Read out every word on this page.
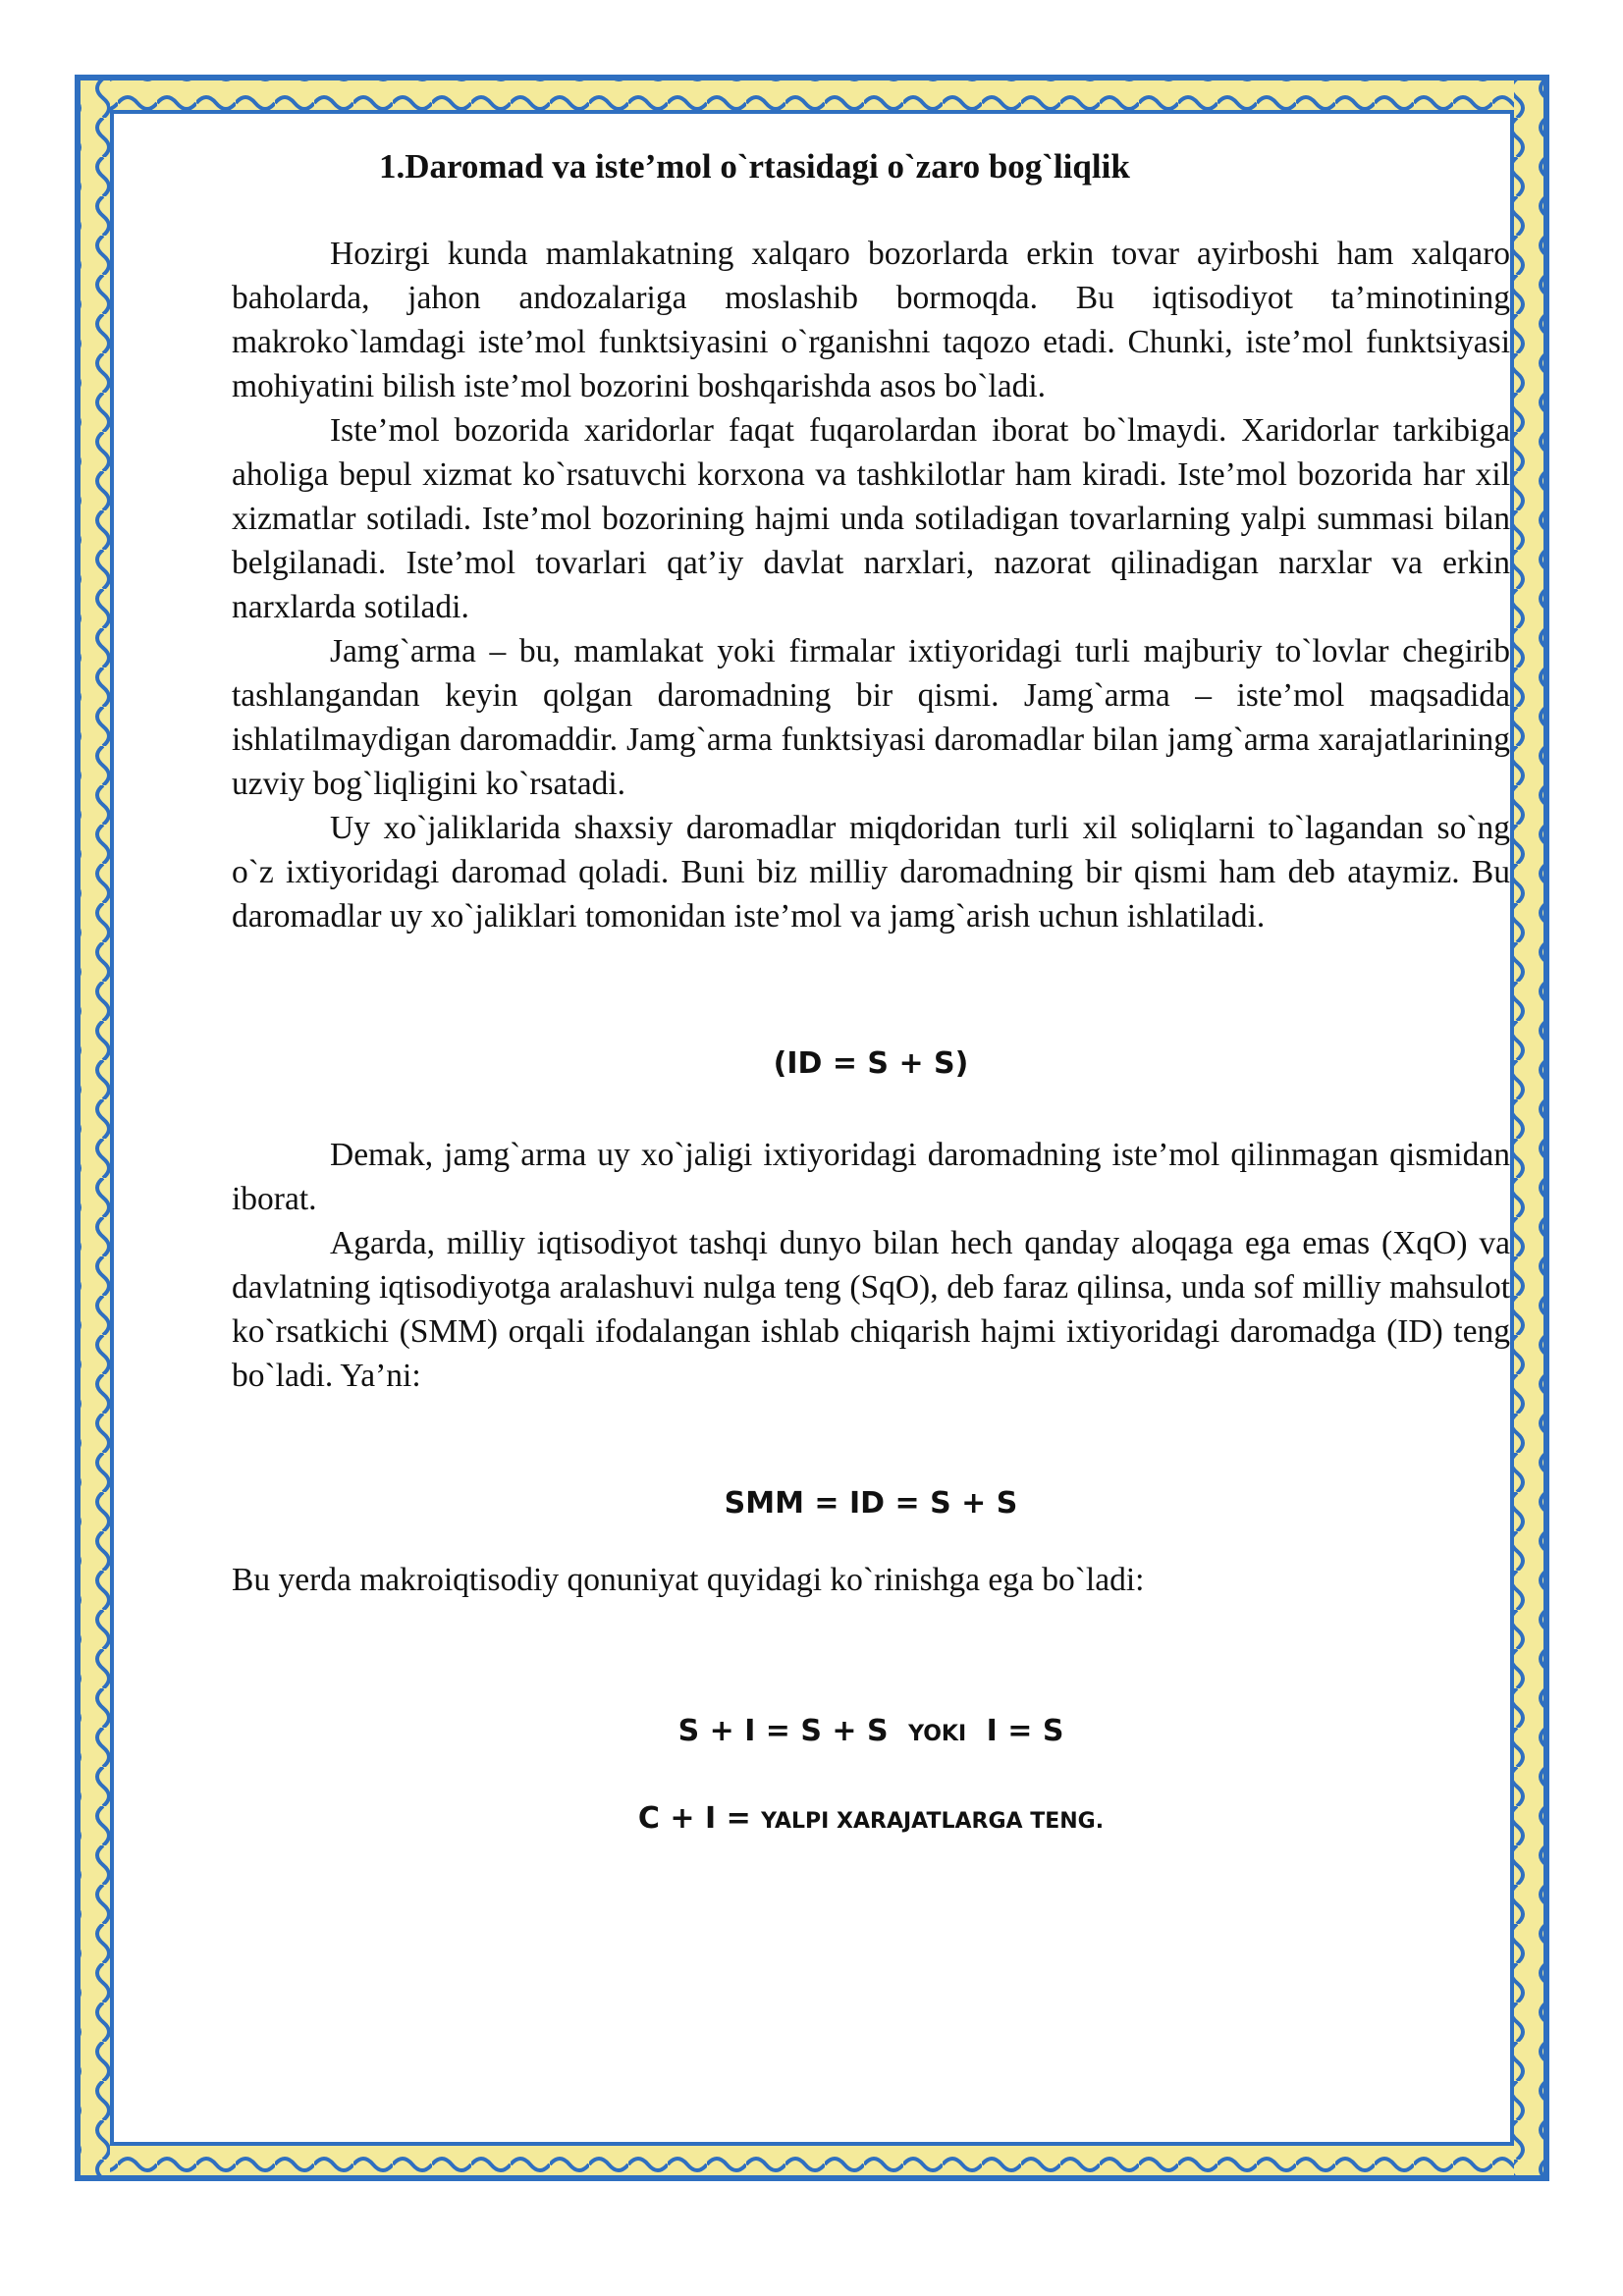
1.Daromad va iste’mol o`rtasidagi o`zaro bog`liqlik

Hozirgi kunda mamlakatning xalqaro bozorlarda erkin tovar ayirboshi ham xalqaro baholarda, jahon andozalariga moslashib bormoqda. Bu iqtisodiyot ta’minotining makroko`lamdagi iste’mol funktsiyasini o`rganishni taqozo etadi. Chunki, iste’mol funktsiyasi mohiyatini bilish iste’mol bozorini boshqarishda asos bo`ladi.

Iste’mol bozorida xaridorlar faqat fuqarolardan iborat bo`lmaydi. Xaridorlar tarkibiga aholiga bepul xizmat ko`rsatuvchi korxona va tashkilotlar ham kiradi. Iste’mol bozorida har xil xizmatlar sotiladi. Iste’mol bozorining hajmi unda sotiladigan tovarlarning yalpi summasi bilan belgilanadi. Iste’mol tovarlari qat’iy davlat narxlari, nazorat qilinadigan narxlar va erkin narxlarda sotiladi.

Jamg`arma – bu, mamlakat yoki firmalar ixtiyoridagi turli majburiy to`lovlar chegirib tashlangandan keyin qolgan daromadning bir qismi. Jamg`arma – iste’mol maqsadida ishlatilmaydigan daromaddir. Jamg`arma funktsiyasi daromadlar bilan jamg`arma xarajatlarining uzviy bog`liqligini ko`rsatadi.

Uy xo`jaliklarida shaxsiy daromadlar miqdoridan turli xil soliqlarni to`lagandan so`ng o`z ixtiyoridagi daromad qoladi. Buni biz milliy daromadning bir qismi ham deb ataymiz. Bu daromadlar uy xo`jaliklari tomonidan iste’mol va jamg`arish uchun ishlatiladi.

(ID = S + S)

Demak, jamg`arma uy xo`jaligi ixtiyoridagi daromadning iste’mol qilinmagan qismidan iborat.

Agarda, milliy iqtisodiyot tashqi dunyo bilan hech qanday aloqaga ega emas (XqO) va davlatning iqtisodiyotga aralashuvi nulga teng (SqO), deb faraz qilinsa, unda sof milliy mahsulot ko`rsatkichi (SMM) orqali ifodalangan ishlab chiqarish hajmi ixtiyoridagi daromadga (ID) teng bo`ladi. Ya’ni:

SMM = ID = S + S

Bu yerda makroiqtisodiy qonuniyat quyidagi ko`rinishga ega bo`ladi:

S + I = S + S YOKI I = S
C + I = YALPI XARAJATLARGA TENG.
